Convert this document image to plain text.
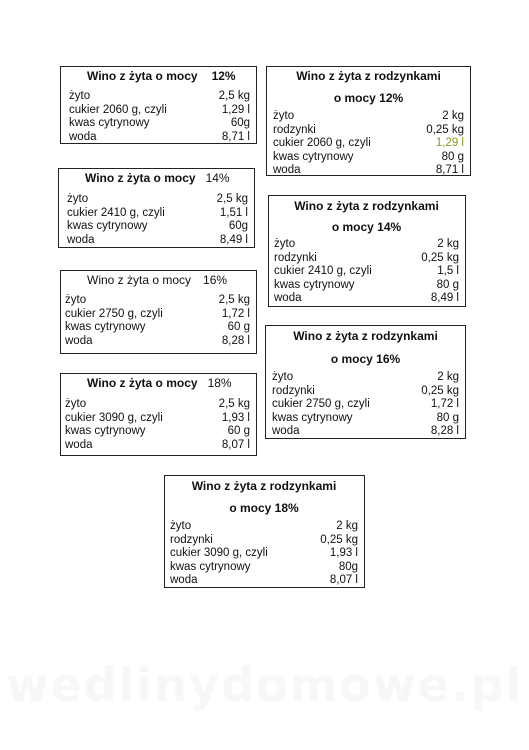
Wino z żyta o mocy 12%
żyto	2,5 kg
cukier 2060 g, czyli	1,29 l
kwas cytrynowy	60g
woda	8,71 l
Wino z żyta o mocy 14%
żyto	2,5 kg
cukier 2410 g, czyli	1,51 l
kwas cytrynowy	60g
woda	8,49 l
Wino z żyta o mocy 16%
żyto	2,5 kg
cukier 2750 g, czyli	1,72 l
kwas cytrynowy	60 g
woda	8,28 l
Wino z żyta o mocy 18%
żyto	2,5 kg
cukier 3090 g, czyli	1,93 l
kwas cytrynowy	60 g
woda	8,07 l
Wino z żyta z rodzynkami
o mocy 12%
żyto	2 kg
rodzynki	0,25 kg
cukier 2060 g, czyli	1,29 l
kwas cytrynowy	80 g
woda	8,71 l
Wino z żyta z rodzynkami
o mocy 14%
żyto	2 kg
rodzynki	0,25 kg
cukier 2410 g, czyli	1,5 l
kwas cytrynowy	80 g
woda	8,49 l
Wino z żyta z rodzynkami
o mocy 16%
żyto	2 kg
rodzynki	0,25 kg
cukier 2750 g, czyli	1,72 l
kwas cytrynowy	80 g
woda	8,28 l
Wino z żyta z rodzynkami
o mocy 18%
żyto	2 kg
rodzynki	0,25 kg
cukier 3090 g, czyli	1,93 l
kwas cytrynowy	80g
woda	8,07 l
wedlinydomowe.pl
